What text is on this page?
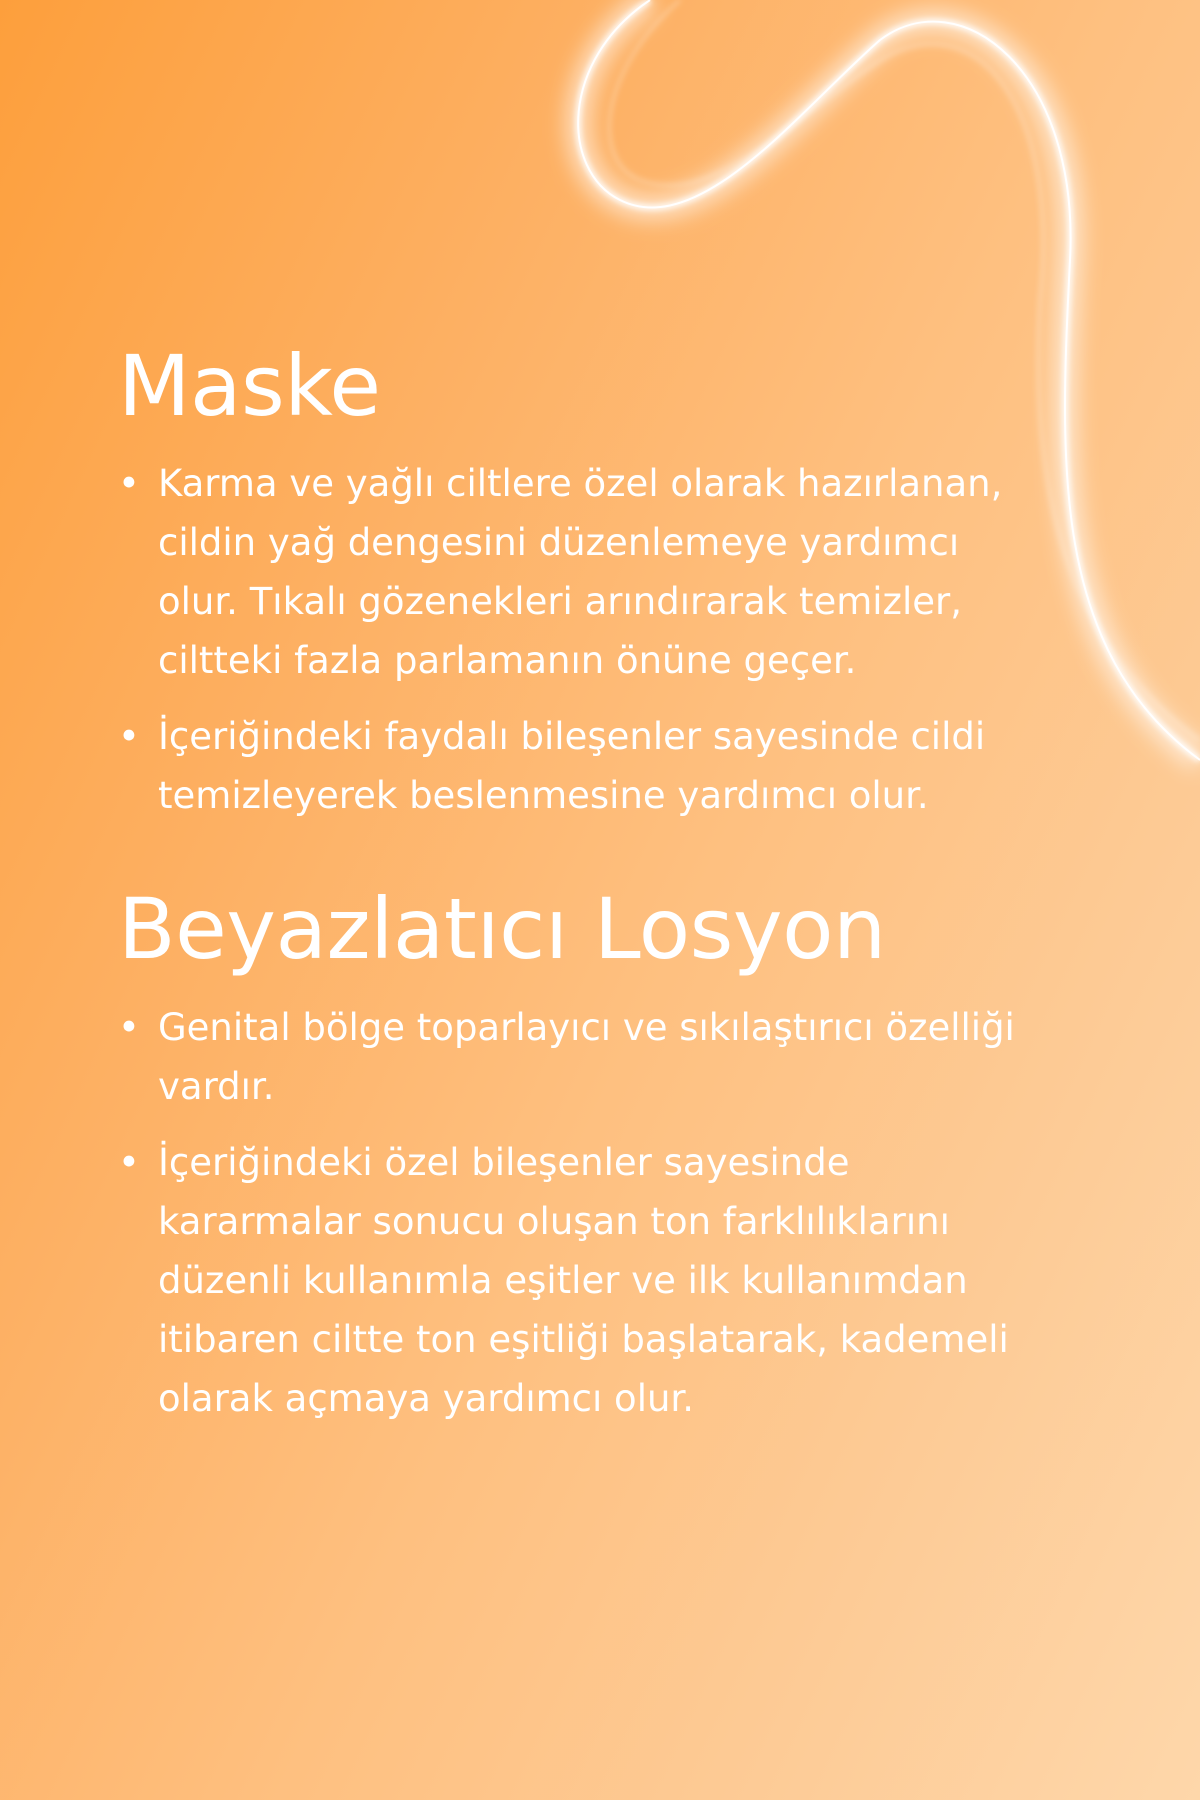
Maske
• Karma ve yağlı ciltlere özel olarak hazırlanan, cildin yağ dengesini düzenlemeye yardımcı olur. Tıkalı gözenekleri arındırarak temizler, ciltteki fazla parlamanın önüne geçer.
• İçeriğindeki faydalı bileşenler sayesinde cildi temizleyerek beslenmesine yardımcı olur.
Beyazlatıcı Losyon
• Genital bölge toparlayıcı ve sıkılaştırıcı özelliği vardır.
• İçeriğindeki özel bileşenler sayesinde kararmalar sonucu oluşan ton farklılıklarını düzenli kullanımla eşitler ve ilk kullanımdan itibaren ciltte ton eşitliği başlatarak, kademeli olarak açmaya yardımcı olur.
